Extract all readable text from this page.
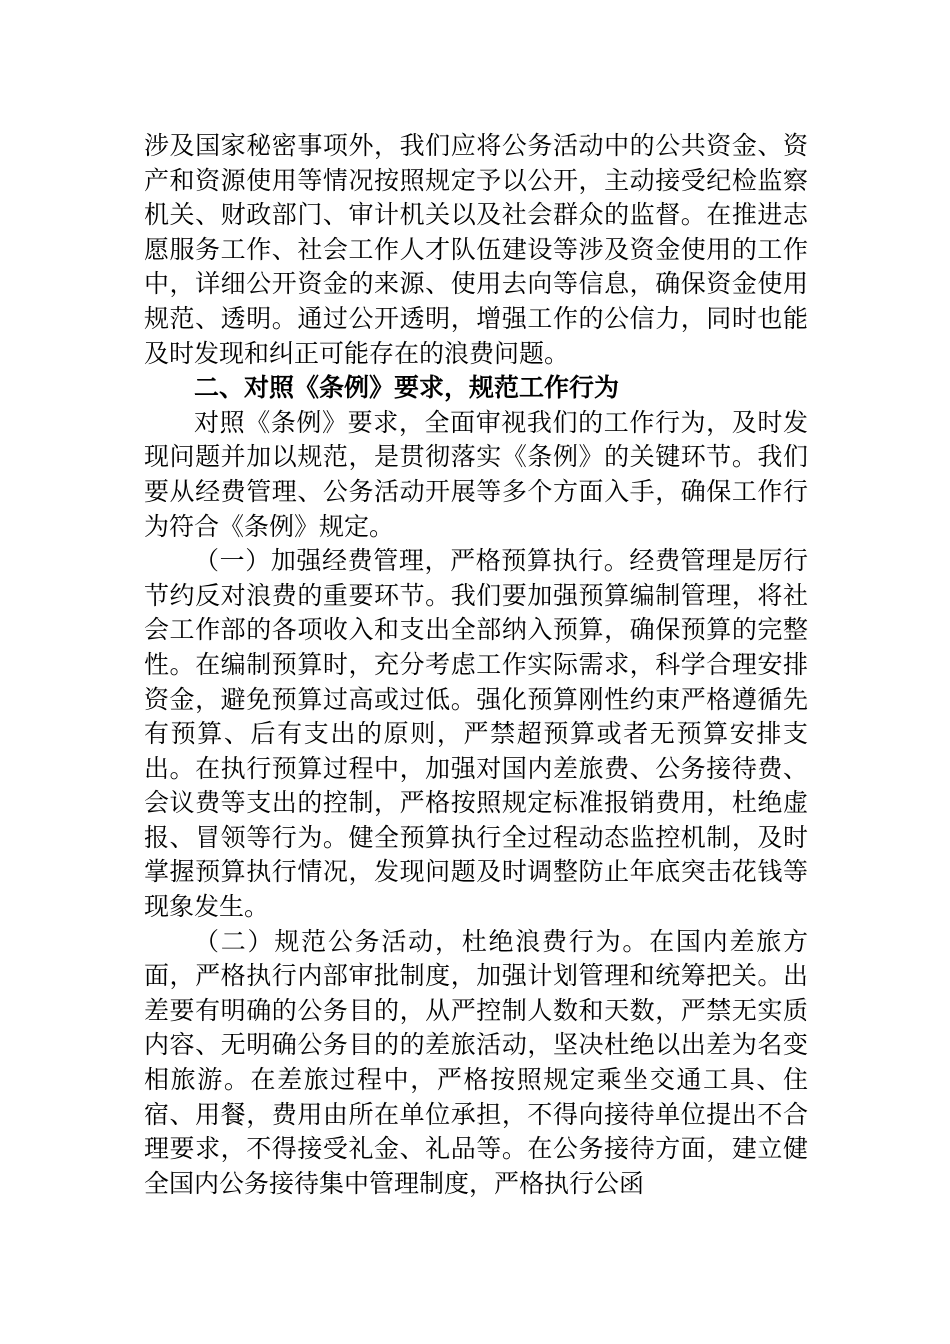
涉及国家秘密事项外，我们应将公务活动中的公共资金、资产和资源使用等情况按照规定予以公开，主动接受纪检监察机关、财政部门、审计机关以及社会群众的监督。在推进志愿服务工作、社会工作人才队伍建设等涉及资金使用的工作中，详细公开资金的来源、使用去向等信息，确保资金使用规范、透明。通过公开透明，增强工作的公信力，同时也能及时发现和纠正可能存在的浪费问题。

二、对照《条例》要求，规范工作行为

对照《条例》要求，全面审视我们的工作行为，及时发现问题并加以规范，是贯彻落实《条例》的关键环节。我们要从经费管理、公务活动开展等多个方面入手，确保工作行为符合《条例》规定。

（一）加强经费管理，严格预算执行。经费管理是厉行节约反对浪费的重要环节。我们要加强预算编制管理，将社会工作部的各项收入和支出全部纳入预算，确保预算的完整性。在编制预算时，充分考虑工作实际需求，科学合理安排资金，避免预算过高或过低。强化预算刚性约束严格遵循先有预算、后有支出的原则，严禁超预算或者无预算安排支出。在执行预算过程中，加强对国内差旅费、公务接待费、会议费等支出的控制，严格按照规定标准报销费用，杜绝虚报、冒领等行为。健全预算执行全过程动态监控机制，及时掌握预算执行情况，发现问题及时调整防止年底突击花钱等现象发生。

（二）规范公务活动，杜绝浪费行为。在国内差旅方面，严格执行内部审批制度，加强计划管理和统筹把关。出差要有明确的公务目的，从严控制人数和天数，严禁无实质内容、无明确公务目的的差旅活动，坚决杜绝以出差为名变相旅游。在差旅过程中，严格按照规定乘坐交通工具、住宿、用餐，费用由所在单位承担，不得向接待单位提出不合理要求，不得接受礼金、礼品等。在公务接待方面，建立健全国内公务接待集中管理制度，严格执行公函
